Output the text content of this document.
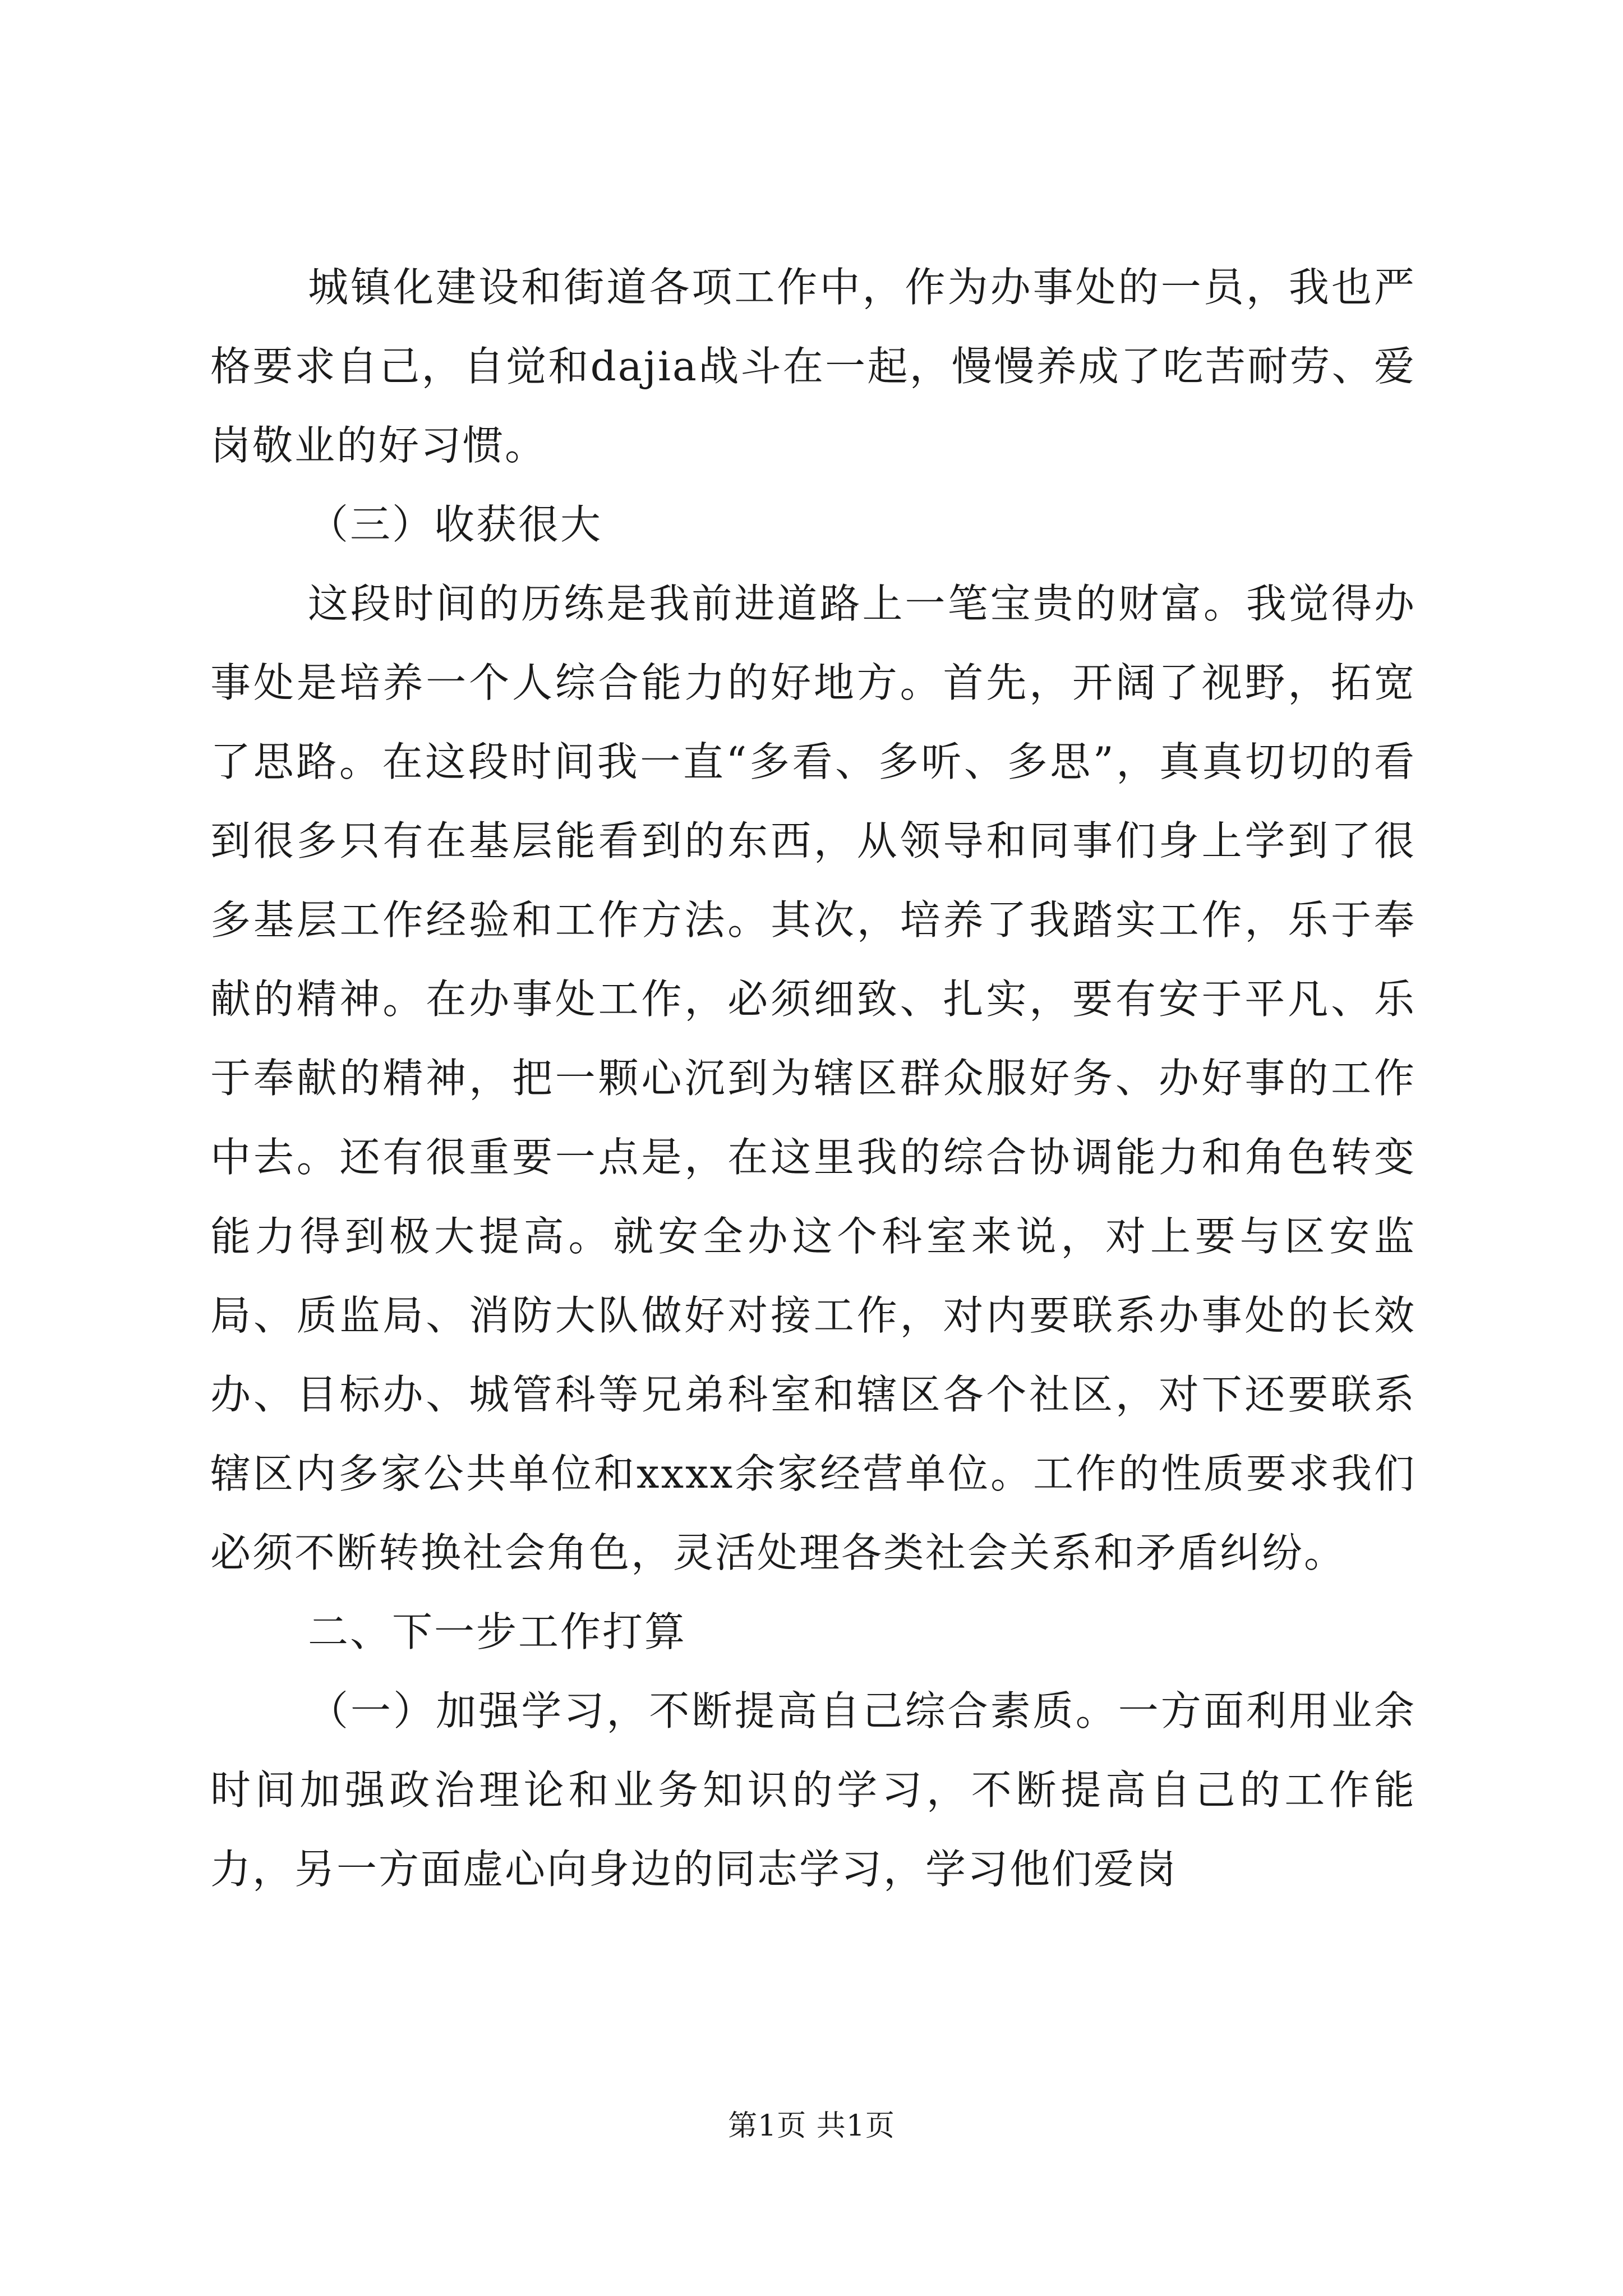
城镇化建设和街道各项工作中，作为办事处的一员，我也严格要求自己，自觉和dajia战斗在一起，慢慢养成了吃苦耐劳、爱岗敬业的好习惯。

（三）收获很大

这段时间的历练是我前进道路上一笔宝贵的财富。我觉得办事处是培养一个人综合能力的好地方。首先，开阔了视野，拓宽了思路。在这段时间我一直“多看、多听、多思”，真真切切的看到很多只有在基层能看到的东西，从领导和同事们身上学到了很多基层工作经验和工作方法。其次，培养了我踏实工作，乐于奉献的精神。在办事处工作，必须细致、扎实，要有安于平凡、乐于奉献的精神，把一颗心沉到为辖区群众服好务、办好事的工作中去。还有很重要一点是，在这里我的综合协调能力和角色转变能力得到极大提高。就安全办这个科室来说，对上要与区安监局、质监局、消防大队做好对接工作，对内要联系办事处的长效办、目标办、城管科等兄弟科室和辖区各个社区，对下还要联系辖区内多家公共单位和xxxx余家经营单位。工作的性质要求我们必须不断转换社会角色，灵活处理各类社会关系和矛盾纠纷。

二、下一步工作打算

（一）加强学习，不断提高自己综合素质。一方面利用业余时间加强政治理论和业务知识的学习，不断提高自己的工作能力，另一方面虚心向身边的同志学习，学习他们爱岗

第1页 共1页
